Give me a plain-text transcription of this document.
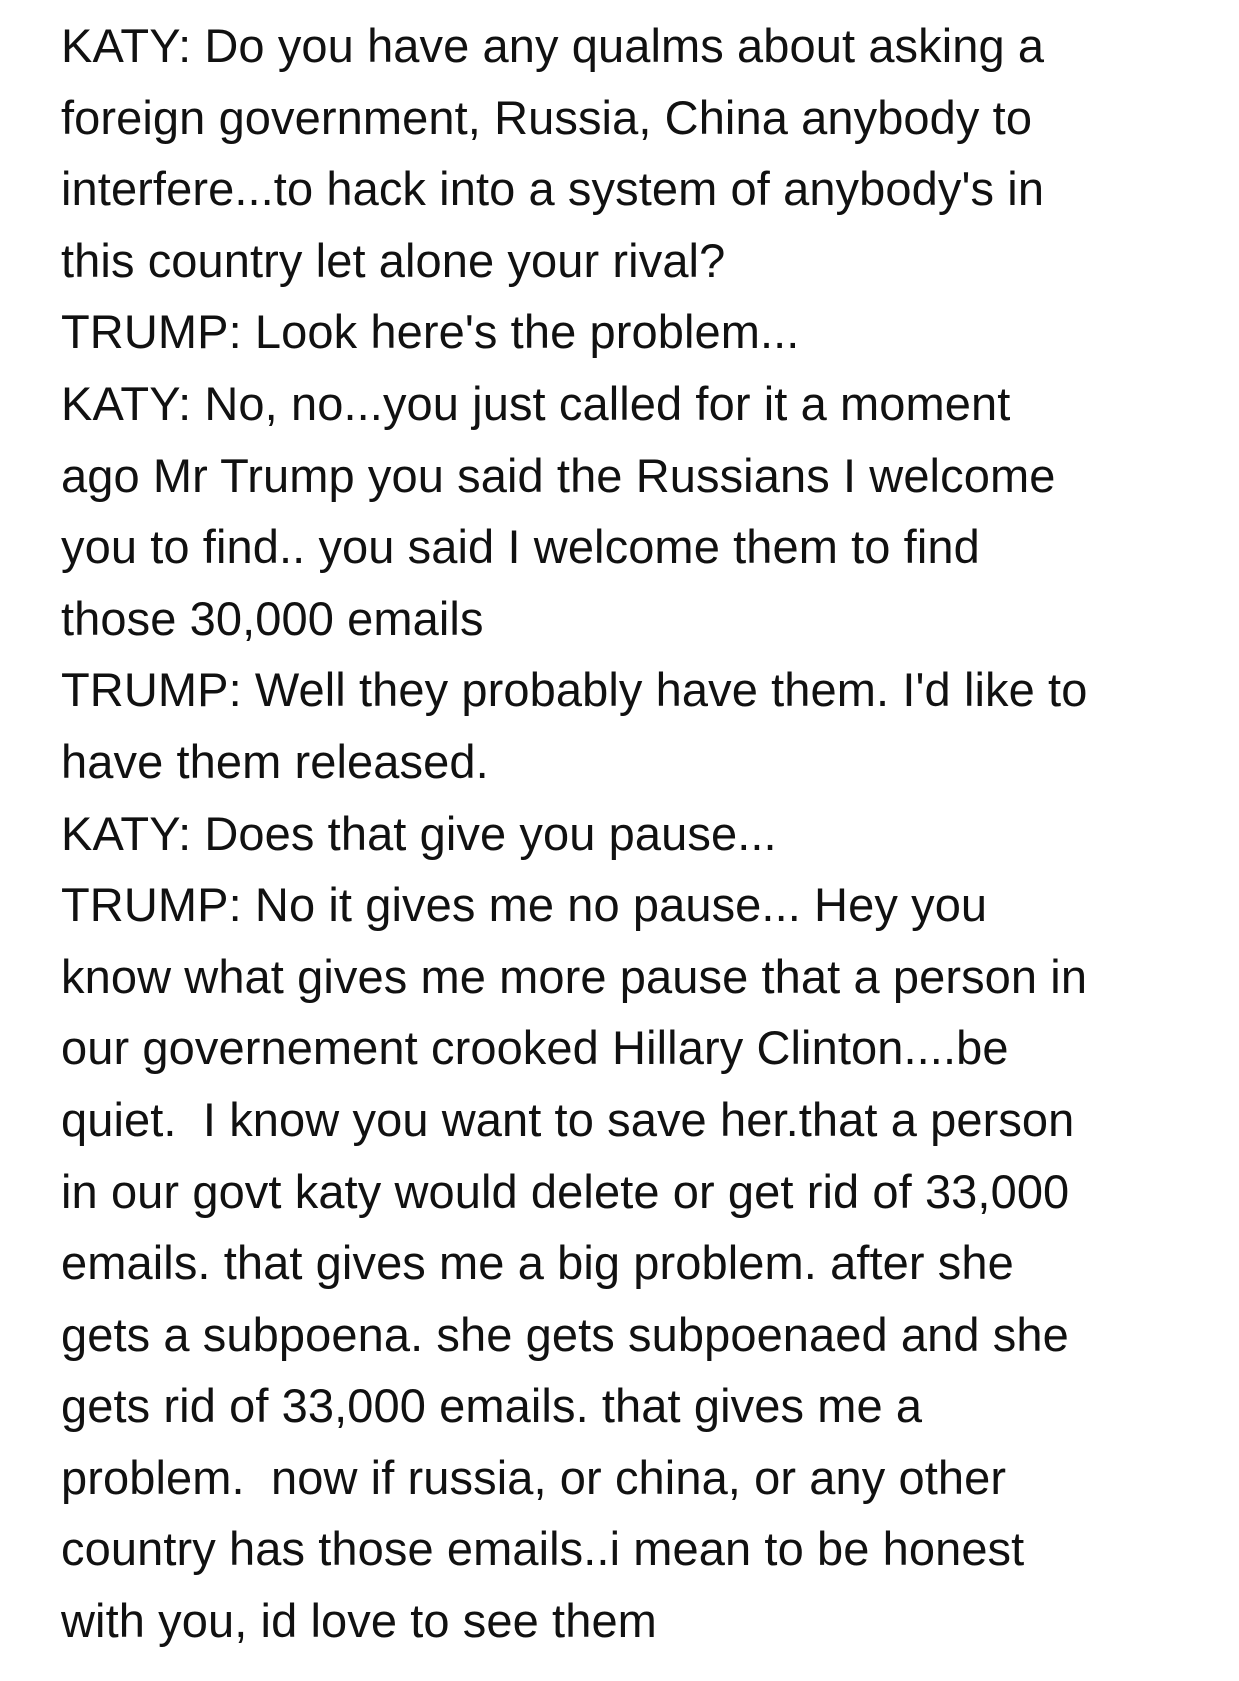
KATY: Do you have any qualms about asking a
foreign government, Russia, China anybody to
interfere...to hack into a system of anybody's in
this country let alone your rival?
TRUMP: Look here's the problem...
KATY: No, no...you just called for it a moment
ago Mr Trump you said the Russians I welcome
you to find.. you said I welcome them to find
those 30,000 emails
TRUMP: Well they probably have them. I'd like to
have them released.
KATY: Does that give you pause...
TRUMP: No it gives me no pause... Hey you
know what gives me more pause that a person in
our governement crooked Hillary Clinton....be
quiet.  I know you want to save her.that a person
in our govt katy would delete or get rid of 33,000
emails. that gives me a big problem. after she
gets a subpoena. she gets subpoenaed and she
gets rid of 33,000 emails. that gives me a
problem.  now if russia, or china, or any other
country has those emails..i mean to be honest
with you, id love to see them
